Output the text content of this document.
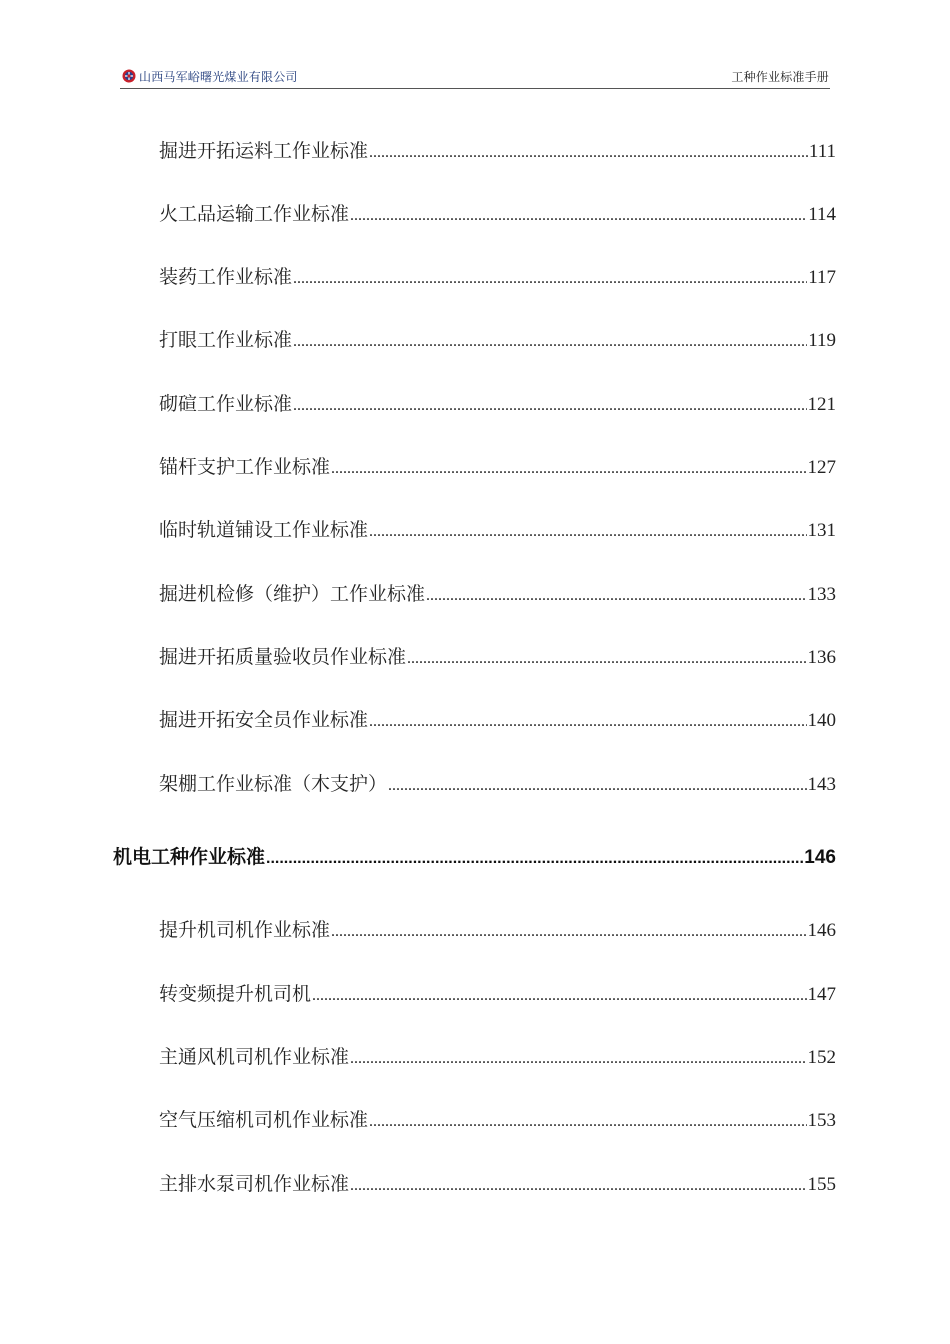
山西马军峪曙光煤业有限公司	工种作业标准手册
掘进开拓运料工作业标准 .....	111
火工品运输工作业标准 .....	114
装药工作业标准 .....	117
打眼工作业标准 .....	119
砌碹工作业标准 .....	121
锚杆支护工作业标准 .....	127
临时轨道铺设工作业标准 .....	131
掘进机检修（维护）工作业标准 .....	133
掘进开拓质量验收员作业标准 .....	136
掘进开拓安全员作业标准 .....	140
架棚工作业标准（木支护） .....	143
机电工种作业标准 .....	146
提升机司机作业标准 .....	146
转变频提升机司机 .....	147
主通风机司机作业标准 .....	152
空气压缩机司机作业标准 .....	153
主排水泵司机作业标准 .....	155
